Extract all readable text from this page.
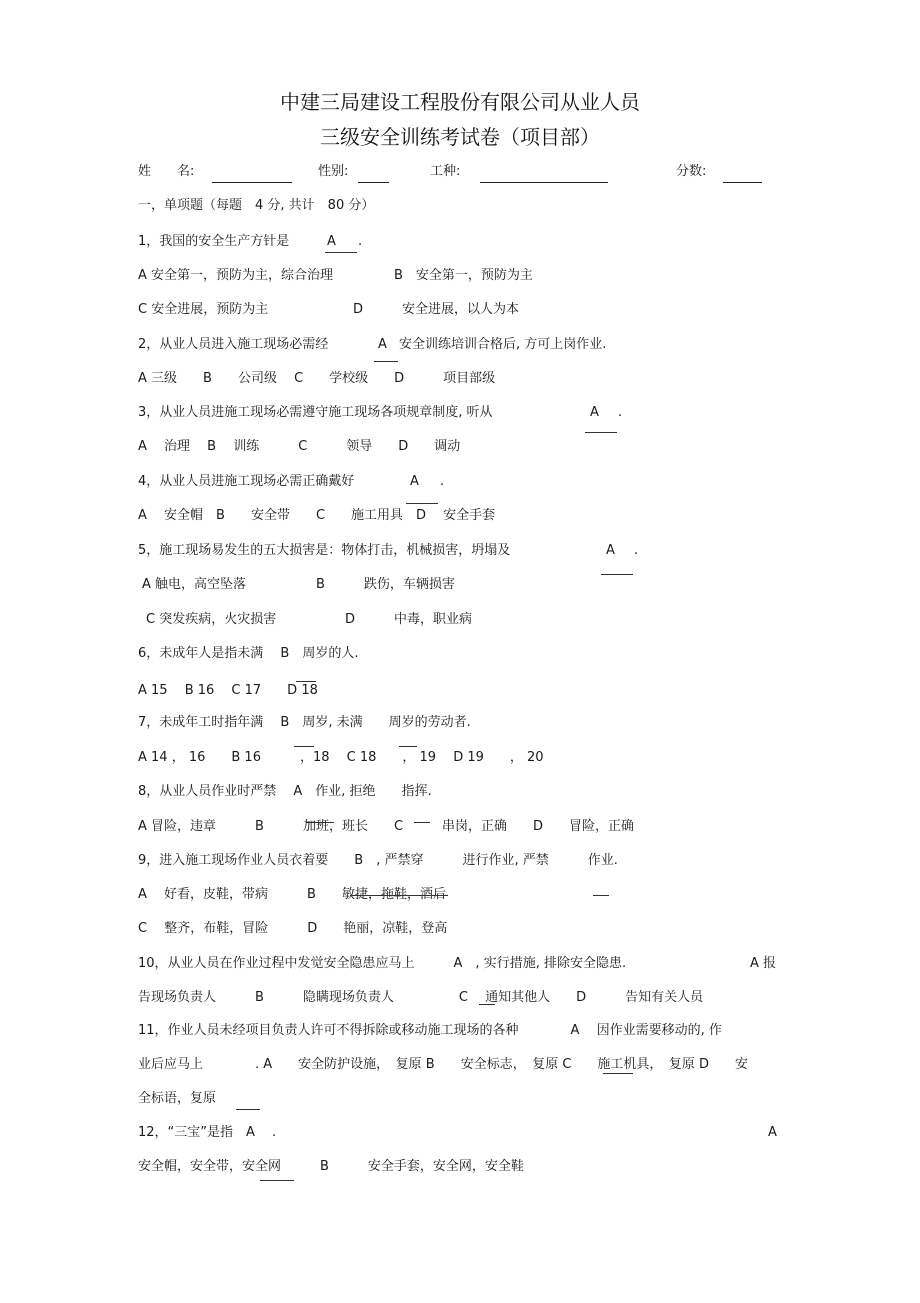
中建三局建设工程股份有限公司从业人员
三级安全训练考试卷（项目部）
姓　　名:	性别:	工种:	分数:
一，单项题（每题　4 分, 共计　80 分）
1，我国的安全生产方针是	A .
A 安全第一，预防为主，综合治理	B　安全第一，预防为主
C 安全进展，预防为主	D　　　安全进展，以人为本
2，从业人员进入施工现场必需经	A 安全训练培训合格后, 方可上岗作业.
A 三级　　B　　公司级　 C　　学校级　　D　　　项目部级
3，从业人员进施工现场必需遵守施工现场各项规章制度, 听从	A .
A　 治理　 B　 训练　　　C　　　领导　　D　　调动
4，从业人员进施工现场必需正确戴好	A .
A　 安全帽　B　　安全带　　C　　施工用具　D　 安全手套
5，施工现场易发生的五大损害是：物体打击，机械损害，坍塌及	A .
A 触电，高空坠落	B　　　跌伤，车辆损害
C 突发疾病，火灾损害	D　　　中毒，职业病
6，未成年人是指未满　 B　周岁的人.
A 15　 B 16　 C 17　　D 18
7，未成年工时指年满　 B　周岁, 未满　　周岁的劳动者.
A 14 ， 16　　B 16　　　，18　 C 18　　， 19　 D 19　　， 20
8，从业人员作业时严禁　 A　作业, 拒绝　　指挥.
A 冒险，违章　　　B　　　加班，班长　　C　　　串岗，正确　　D　　冒险，正确
9，进入施工现场作业人员衣着要　　B　, 严禁穿　　　进行作业, 严禁　　　作业.
A　 好看，皮鞋，带病　　　B　　敏捷，拖鞋，酒后
C　 整齐，布鞋，冒险　　　D　　艳丽，凉鞋，登高
10，从业人员在作业过程中发觉安全隐患应马上　　　A　, 实行措施, 排除安全隐患.	A 报
告现场负责人　　　B　　　隐瞒现场负责人　　　　　C　 通知其他人　　D　　　告知有关人员
11，作业人员未经项目负责人许可不得拆除或移动施工现场的各种　　　　A　 因作业需要移动的, 作
业后应马上　　　　. A　　安全防护设施，　复原 B　　安全标志，　复原 C　　施工机具，　复原 D　　安
全标语，复原
12，“三宝”是指　A　 .	A
安全帽，安全带，安全网　　　B　　　安全手套，安全网，安全鞋
